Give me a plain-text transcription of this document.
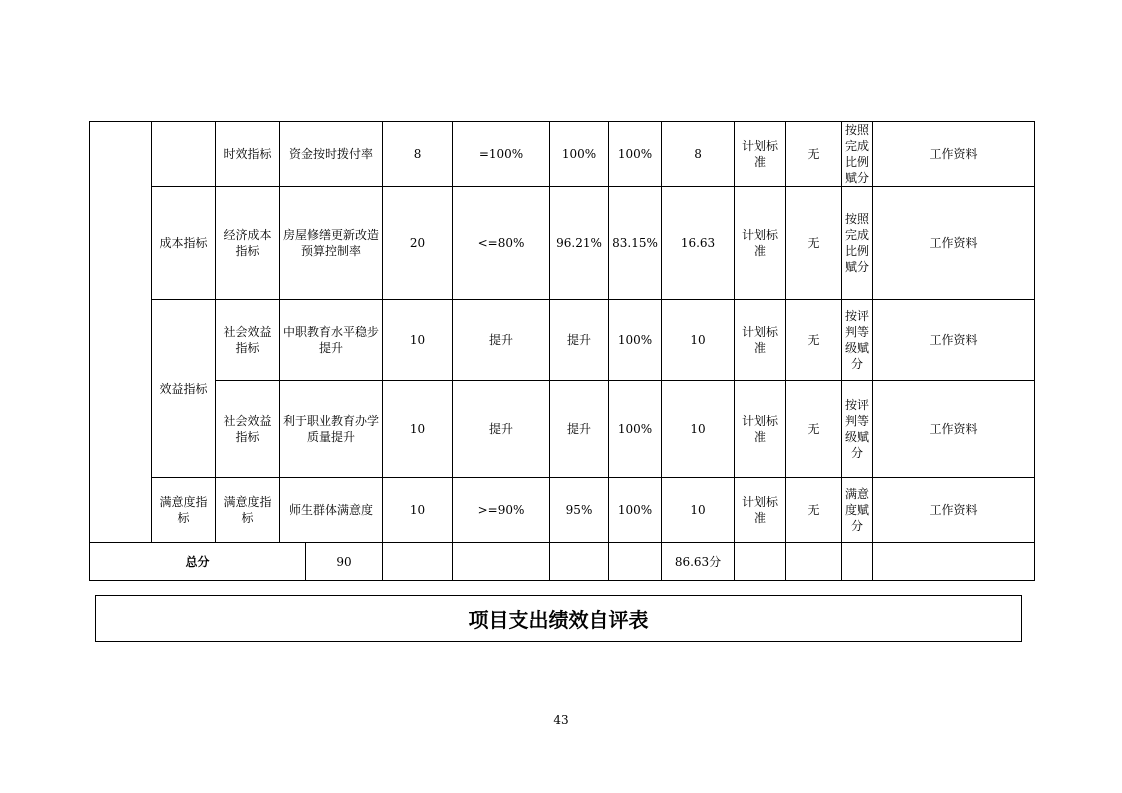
		时效指标	资金按时拨付率		8	=100%	100%	100%	8	计划标准	无	按照完成比例赋分	工作资料	
	成本指标	经济成本指标	房屋修缮更新改造预算控制率		20	<=80%	96.21%	83.15%	16.63	计划标准	无	按照完成比例赋分	工作资料	
	效益指标	社会效益指标	中职教育水平稳步提升		10	提升	提升	100%	10	计划标准	无	按评判等级赋分	工作资料	
		社会效益指标	利于职业教育办学质量提升		10	提升	提升	100%	10	计划标准	无	按评判等级赋分	工作资料	
	满意度指标	满意度指标	师生群体满意度		10	>=90%	95%	100%	10	计划标准	无	满意度赋分	工作资料	
总分				90					86.63分					
项目支出绩效自评表
43
